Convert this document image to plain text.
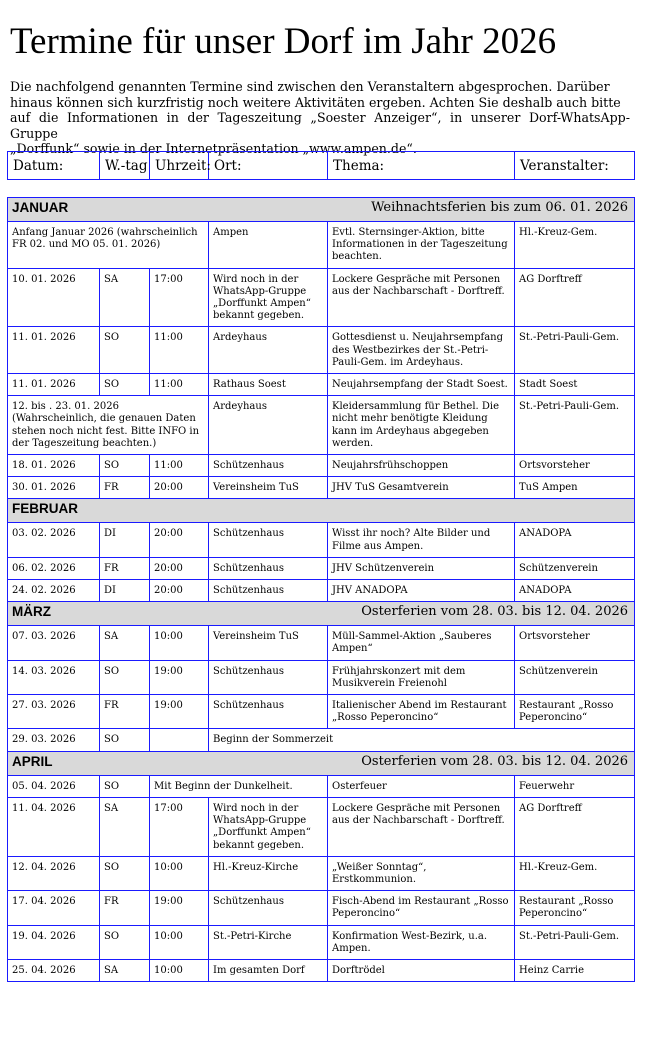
Termine für unser Dorf im Jahr 2026
Die nachfolgend genannten Termine sind zwischen den Veranstaltern abgesprochen. Darüber
hinaus können sich kurzfristig noch weitere Aktivitäten ergeben. Achten Sie deshalb auch bitte
auf die Informationen in der Tageszeitung „Soester Anzeiger“, in unserer Dorf-WhatsApp-Gruppe
„Dorffunk“ sowie in der Internetpräsentation „www.ampen.de“.
Datum:	W.-tag	Uhrzeit:	Ort:	Thema:	Veranstalter:
JANUAR Weihnachtsferien bis zum 06. 01. 2026					

Anfang Januar 2026 (wahrscheinlich FR 02. und MO 05. 01. 2026)			Ampen	Evtl. Sternsinger-Aktion, bitte Informationen in der Tageszeitung beachten.	Hl.-Kreuz-Gem.
10. 01. 2026	SA	17:00	Wird noch in der WhatsApp-Gruppe „Dorffunkt Ampen“ bekannt gegeben.	Lockere Gespräche mit Personen aus der Nachbarschaft - Dorftreff.	AG Dorftreff
11. 01. 2026	SO	11:00	Ardeyhaus	Gottesdienst u. Neujahrsempfang des Westbezirkes der St.-Petri-Pauli-Gem. im Ardeyhaus.	St.-Petri-Pauli-Gem.
11. 01. 2026	SO	11:00	Rathaus Soest	Neujahrsempfang der Stadt Soest.	Stadt Soest
12. bis . 23. 01. 2026 (Wahrscheinlich, die genauen Daten stehen noch nicht fest. Bitte INFO in der Tageszeitung beachten.)			Ardeyhaus	Kleidersammlung für Bethel. Die nicht mehr benötigte Kleidung kann im Ardeyhaus abgegeben werden.	St.-Petri-Pauli-Gem.
18. 01. 2026	SO	11:00	Schützenhaus	Neujahrsfrühschoppen	Ortsvorsteher
30. 01. 2026	FR	20:00	Vereinsheim TuS	JHV TuS Gesamtverein	TuS Ampen

FEBRUAR					

03. 02. 2026	DI	20:00	Schützenhaus	Wisst ihr noch? Alte Bilder und Filme aus Ampen.	ANADOPA
06. 02. 2026	FR	20:00	Schützenhaus	JHV Schützenverein	Schützenverein
24. 02. 2026	DI	20:00	Schützenhaus	JHV ANADOPA	ANADOPA

MÄRZ Osterferien vom 28. 03. bis 12. 04. 2026					

07. 03. 2026	SA	10:00	Vereinsheim TuS	Müll-Sammel-Aktion „Sauberes Ampen“	Ortsvorsteher
14. 03. 2026	SO	19:00	Schützenhaus	Frühjahrskonzert mit dem Musikverein Freienohl	Schützenverein
27. 03. 2026	FR	19:00	Schützenhaus	Italienischer Abend im Restaurant „Rosso Peperoncino“	Restaurant „Rosso Peperoncino“
29. 03. 2026	SO		Beginn der Sommerzeit		

APRIL Osterferien vom 28. 03. bis 12. 04. 2026					

05. 04. 2026	SO	Mit Beginn der Dunkelheit.		Osterfeuer	Feuerwehr
11. 04. 2026	SA	17:00	Wird noch in der WhatsApp-Gruppe „Dorffunkt Ampen“ bekannt gegeben.	Lockere Gespräche mit Personen aus der Nachbarschaft - Dorftreff.	AG Dorftreff
12. 04. 2026	SO	10:00	Hl.-Kreuz-Kirche	„Weißer Sonntag“, Erstkommunion.	Hl.-Kreuz-Gem.
17. 04. 2026	FR	19:00	Schützenhaus	Fisch-Abend im Restaurant „Rosso Peperoncino“	Restaurant „Rosso Peperoncino“
19. 04. 2026	SO	10:00	St.-Petri-Kirche	Konfirmation West-Bezirk, u.a. Ampen.	St.-Petri-Pauli-Gem.
25. 04. 2026	SA	10:00	Im gesamten Dorf	Dorftrödel	Heinz Carrie
